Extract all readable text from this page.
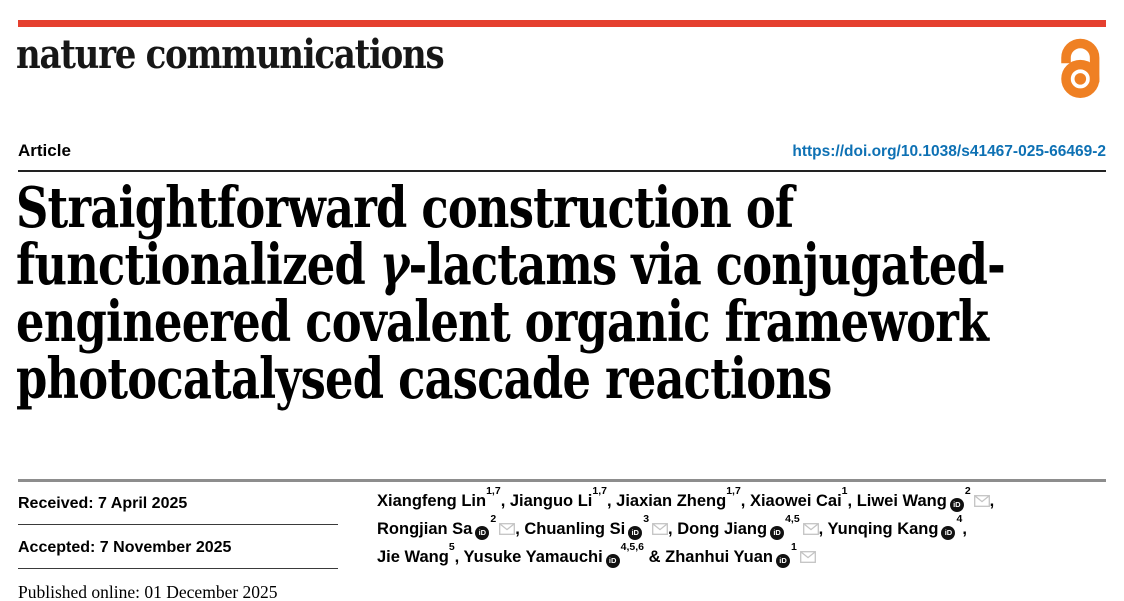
nature communications
Article	https://doi.org/10.1038/s41467-025-66469-2
Straightforward construction of
functionalized γ-lactams via conjugated-
engineered covalent organic framework
photocatalysed cascade reactions
Received: 7 April 2025
Accepted: 7 November 2025
Published online: 01 December 2025
Xiangfeng Lin$^{1,7}$, Jianguo Li$^{1,7}$, Jiaxian Zheng$^{1,7}$, Xiaowei Cai$^1$, Liwei Wang $iD^2$,
Rongjian Sa $iD^2$, Chuanling Si $iD^3$, Dong Jiang iD$^{4,5}$, Yunqing Kang $iD^4$,
Jie Wang$^5$, Yusuke Yamauchi iD$^{4,5,6}$ & Zhanhui Yuan $iD^1$
